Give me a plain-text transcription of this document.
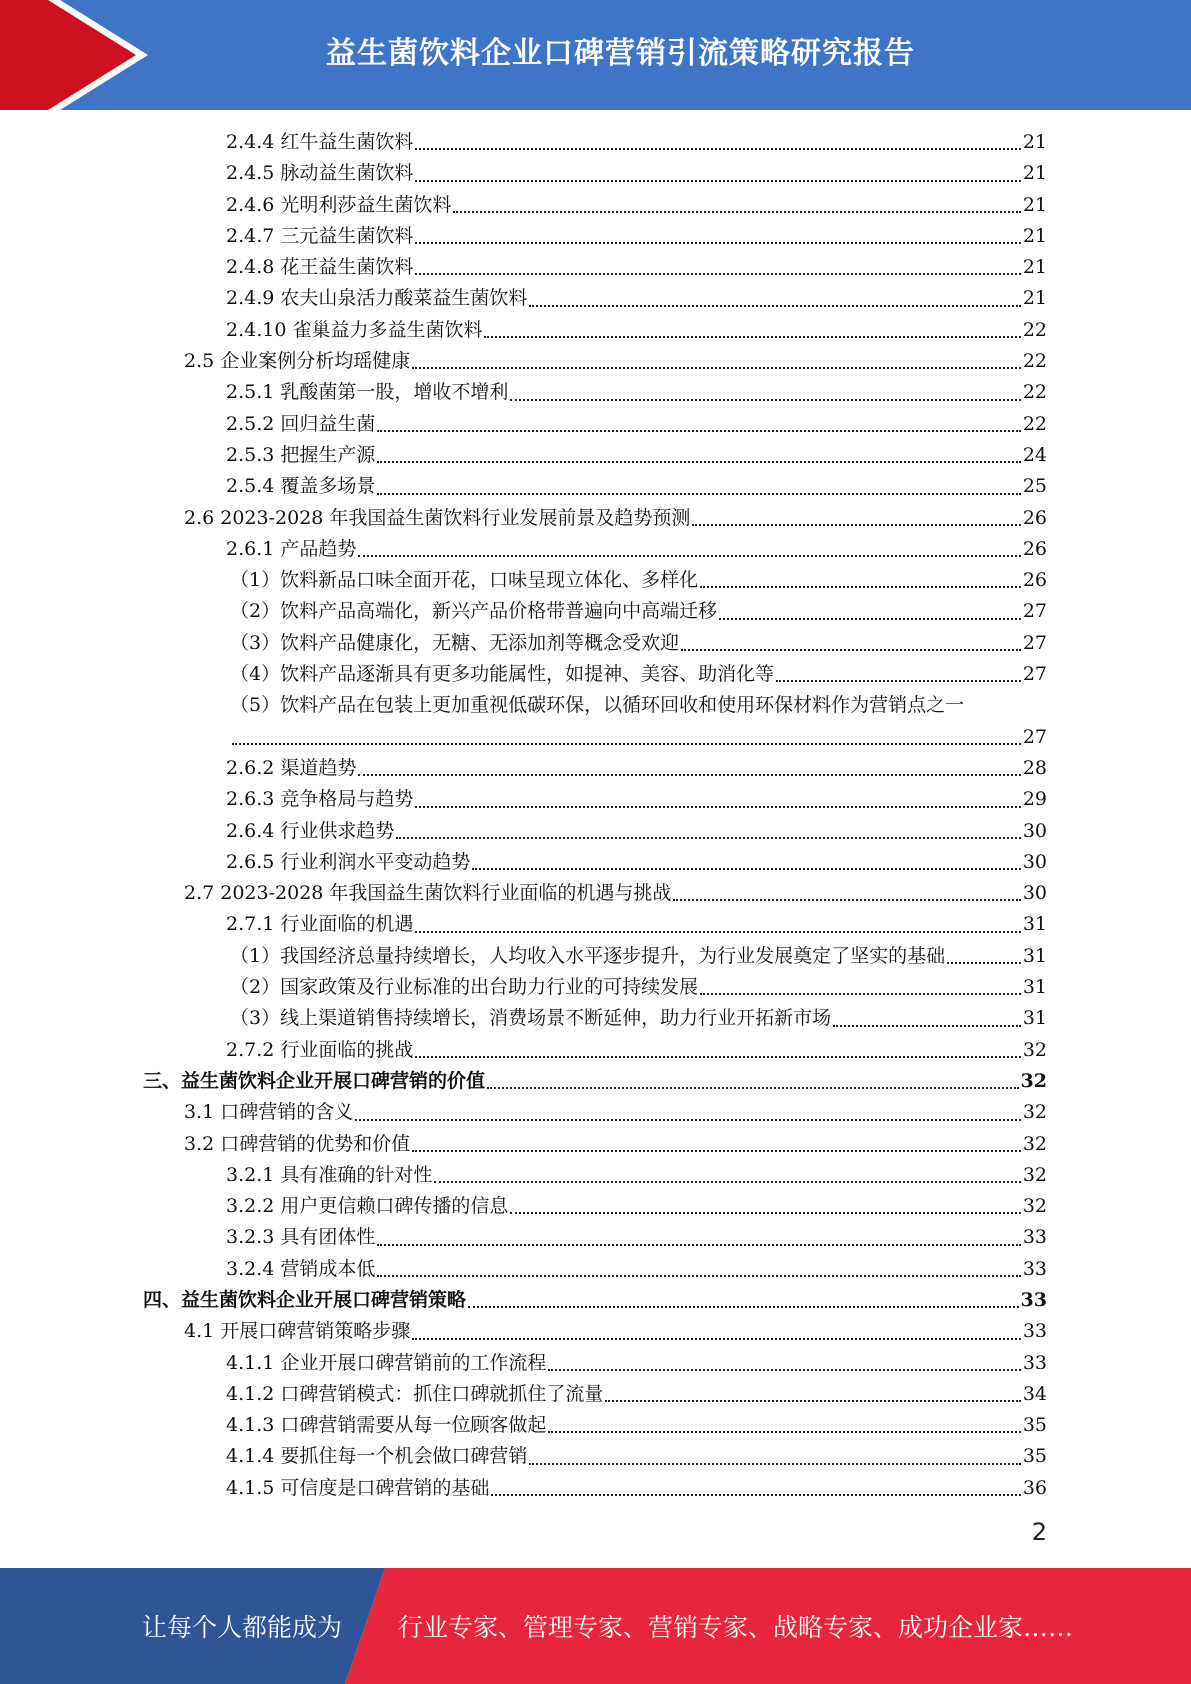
益生菌饮料企业口碑营销引流策略研究报告
2.4.4 红牛益生菌饮料	21
2.4.5 脉动益生菌饮料	21
2.4.6 光明利莎益生菌饮料	21
2.4.7 三元益生菌饮料	21
2.4.8 花王益生菌饮料	21
2.4.9 农夫山泉活力酸菜益生菌饮料	21
2.4.10 雀巢益力多益生菌饮料	22
2.5 企业案例分析均瑶健康	22
2.5.1 乳酸菌第一股，增收不增利	22
2.5.2 回归益生菌	22
2.5.3 把握生产源	24
2.5.4 覆盖多场景	25
2.6 2023-2028 年我国益生菌饮料行业发展前景及趋势预测	26
2.6.1 产品趋势	26
（1）饮料新品口味全面开花，口味呈现立体化、多样化	26
（2）饮料产品高端化，新兴产品价格带普遍向中高端迁移	27
（3）饮料产品健康化，无糖、无添加剂等概念受欢迎	27
（4）饮料产品逐渐具有更多功能属性，如提神、美容、助消化等	27
（5）饮料产品在包装上更加重视低碳环保，以循环回收和使用环保材料作为营销点之一
27
2.6.2 渠道趋势	28
2.6.3 竞争格局与趋势	29
2.6.4 行业供求趋势	30
2.6.5 行业利润水平变动趋势	30
2.7 2023-2028 年我国益生菌饮料行业面临的机遇与挑战	30
2.7.1 行业面临的机遇	31
（1）我国经济总量持续增长，人均收入水平逐步提升，为行业发展奠定了坚实的基础	31
（2）国家政策及行业标准的出台助力行业的可持续发展	31
（3）线上渠道销售持续增长，消费场景不断延伸，助力行业开拓新市场	31
2.7.2 行业面临的挑战	32
三、益生菌饮料企业开展口碑营销的价值	32
3.1 口碑营销的含义	32
3.2 口碑营销的优势和价值	32
3.2.1 具有准确的针对性	32
3.2.2 用户更信赖口碑传播的信息	32
3.2.3 具有团体性	33
3.2.4 营销成本低	33
四、益生菌饮料企业开展口碑营销策略	33
4.1 开展口碑营销策略步骤	33
4.1.1 企业开展口碑营销前的工作流程	33
4.1.2 口碑营销模式：抓住口碑就抓住了流量	34
4.1.3 口碑营销需要从每一位顾客做起	35
4.1.4 要抓住每一个机会做口碑营销	35
4.1.5 可信度是口碑营销的基础	36
2
让每个人都能成为 行业专家、管理专家、营销专家、战略专家、成功企业家……
